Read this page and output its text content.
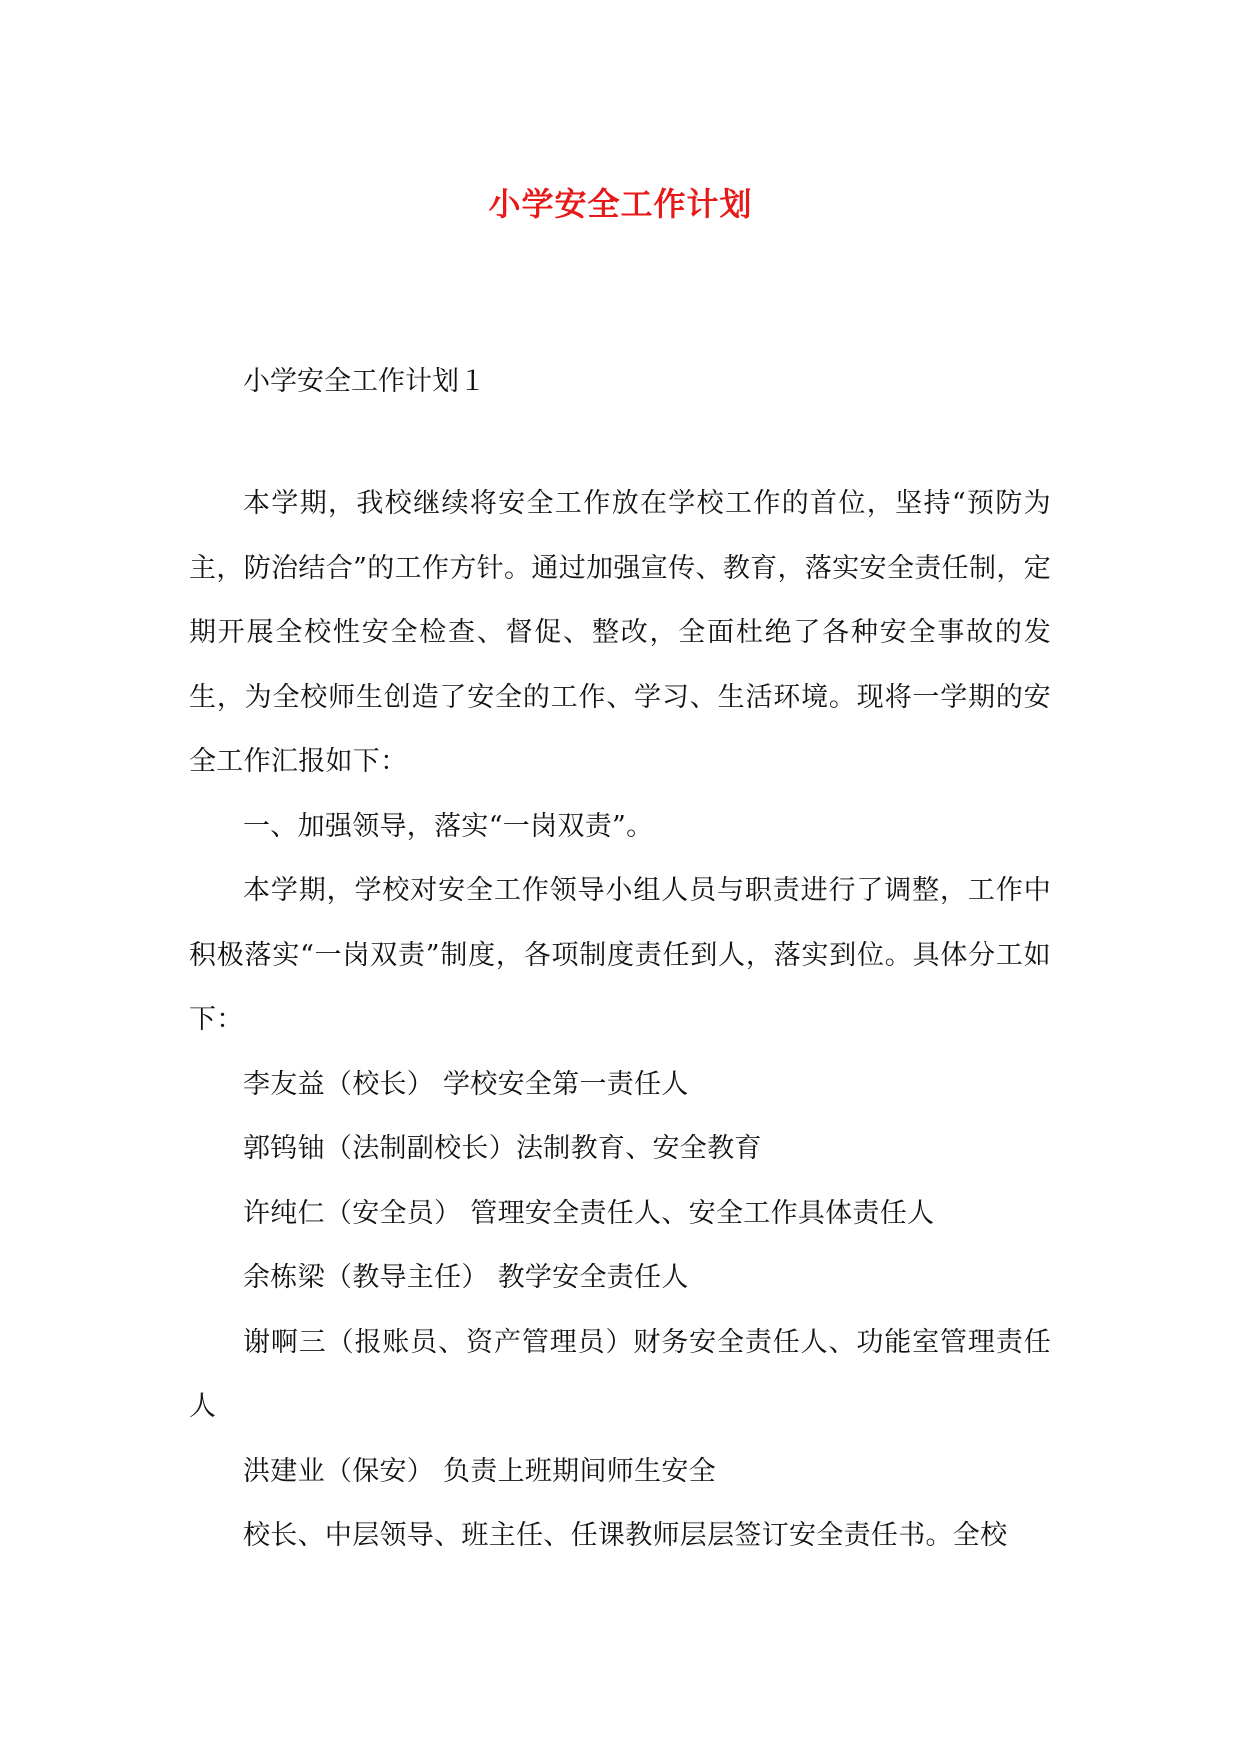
小学安全工作计划

小学安全工作计划１

本学期，我校继续将安全工作放在学校工作的首位，坚持“预防为主，防治结合”的工作方针。通过加强宣传、教育，落实安全责任制，定期开展全校性安全检查、督促、整改，全面杜绝了各种安全事故的发生，为全校师生创造了安全的工作、学习、生活环境。现将一学期的安全工作汇报如下：

一、加强领导，落实“一岗双责”。

本学期，学校对安全工作领导小组人员与职责进行了调整，工作中积极落实“一岗双责”制度，各项制度责任到人，落实到位。具体分工如下：

李友益（校长） 学校安全第一责任人

郭钨铀（法制副校长）法制教育、安全教育

许纯仁（安全员） 管理安全责任人、安全工作具体责任人

余栋梁（教导主任） 教学安全责任人

谢啊三（报账员、资产管理员）财务安全责任人、功能室管理责任人

洪建业（保安） 负责上班期间师生安全

校长、中层领导、班主任、任课教师层层签订安全责任书。全校
